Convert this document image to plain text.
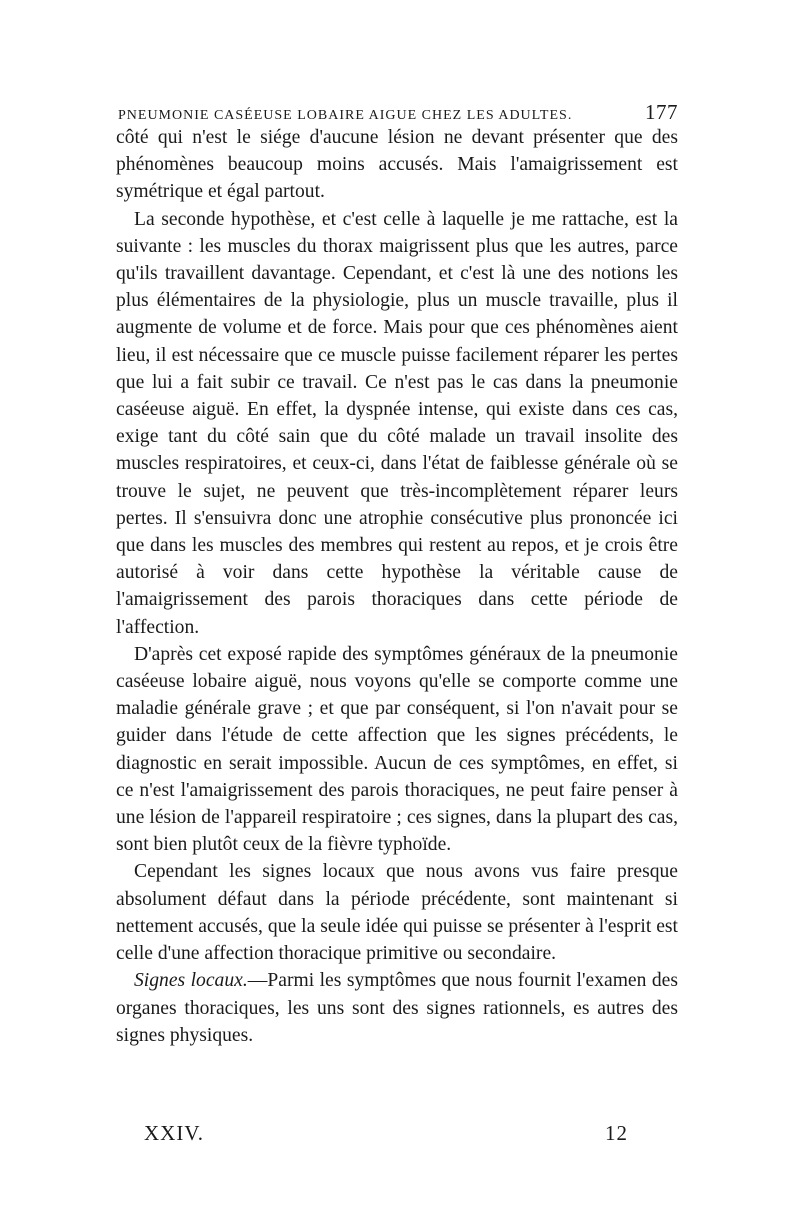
PNEUMONIE CASÉEUSE LOBAIRE AIGUE CHEZ LES ADULTES.	177

côté qui n'est le siége d'aucune lésion ne devant présenter que des phénomènes beaucoup moins accusés. Mais l'amaigrissement est symétrique et égal partout.

La seconde hypothèse, et c'est celle à laquelle je me rattache, est la suivante : les muscles du thorax maigrissent plus que les autres, parce qu'ils travaillent davantage. Cependant, et c'est là une des notions les plus élémentaires de la physiologie, plus un muscle travaille, plus il augmente de volume et de force. Mais pour que ces phénomènes aient lieu, il est nécessaire que ce muscle puisse facilement réparer les pertes que lui a fait subir ce travail. Ce n'est pas le cas dans la pneumonie caséeuse aiguë. En effet, la dyspnée intense, qui existe dans ces cas, exige tant du côté sain que du côté malade un travail insolite des muscles respiratoires, et ceux-ci, dans l'état de faiblesse générale où se trouve le sujet, ne peuvent que très-incomplètement réparer leurs pertes. Il s'ensuivra donc une atrophie consécutive plus prononcée ici que dans les muscles des membres qui restent au repos, et je crois être autorisé à voir dans cette hypothèse la véritable cause de l'amaigrissement des parois thoraciques dans cette période de l'affection.

D'après cet exposé rapide des symptômes généraux de la pneumonie caséeuse lobaire aiguë, nous voyons qu'elle se comporte comme une maladie générale grave ; et que par conséquent, si l'on n'avait pour se guider dans l'étude de cette affection que les signes précédents, le diagnostic en serait impossible. Aucun de ces symptômes, en effet, si ce n'est l'amaigrissement des parois thoraciques, ne peut faire penser à une lésion de l'appareil respiratoire ; ces signes, dans la plupart des cas, sont bien plutôt ceux de la fièvre typhoïde.

Cependant les signes locaux que nous avons vus faire presque absolument défaut dans la période précédente, sont maintenant si nettement accusés, que la seule idée qui puisse se présenter à l'esprit est celle d'une affection thoracique primitive ou secondaire.

Signes locaux.—Parmi les symptômes que nous fournit l'examen des organes thoraciques, les uns sont des signes rationnels, es autres des signes physiques.

XXIV.	12
